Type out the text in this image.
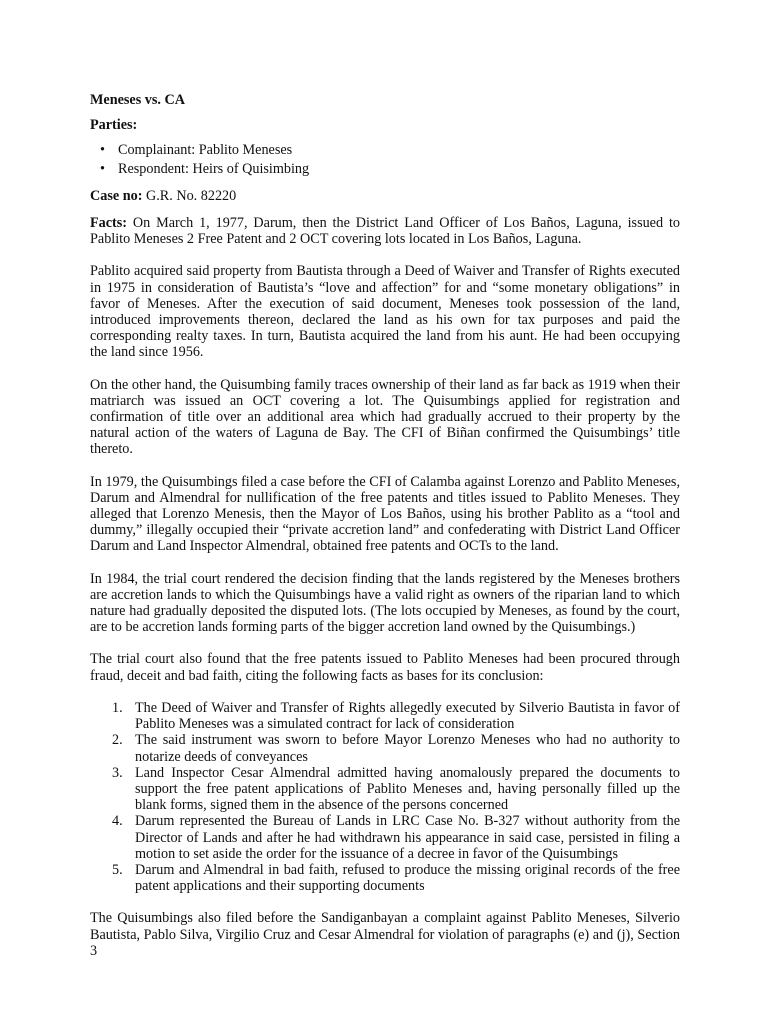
Meneses vs. CA
Parties:
• Complainant: Pablito Meneses
• Respondent: Heirs of Quisimbing
Case no: G.R. No. 82220

Facts: On March 1, 1977, Darum, then the District Land Officer of Los Baños, Laguna, issued to Pablito Meneses 2 Free Patent and 2 OCT covering lots located in Los Baños, Laguna.

Pablito acquired said property from Bautista through a Deed of Waiver and Transfer of Rights executed in 1975 in consideration of Bautista’s “love and affection” for and “some monetary obligations” in favor of Meneses. After the execution of said document, Meneses took possession of the land, introduced improvements thereon, declared the land as his own for tax purposes and paid the corresponding realty taxes. In turn, Bautista acquired the land from his aunt. He had been occupying the land since 1956.

On the other hand, the Quisumbing family traces ownership of their land as far back as 1919 when their matriarch was issued an OCT covering a lot. The Quisumbings applied for registration and confirmation of title over an additional area which had gradually accrued to their property by the natural action of the waters of Laguna de Bay. The CFI of Biñan confirmed the Quisumbings’ title thereto.

In 1979, the Quisumbings filed a case before the CFI of Calamba against Lorenzo and Pablito Meneses, Darum and Almendral for nullification of the free patents and titles issued to Pablito Meneses. They alleged that Lorenzo Menesis, then the Mayor of Los Baños, using his brother Pablito as a “tool and dummy,” illegally occupied their “private accretion land” and confederating with District Land Officer Darum and Land Inspector Almendral, obtained free patents and OCTs to the land.

In 1984, the trial court rendered the decision finding that the lands registered by the Meneses brothers are accretion lands to which the Quisumbings have a valid right as owners of the riparian land to which nature had gradually deposited the disputed lots. (The lots occupied by Meneses, as found by the court, are to be accretion lands forming parts of the bigger accretion land owned by the Quisumbings.)

The trial court also found that the free patents issued to Pablito Meneses had been procured through fraud, deceit and bad faith, citing the following facts as bases for its conclusion:

1. The Deed of Waiver and Transfer of Rights allegedly executed by Silverio Bautista in favor of Pablito Meneses was a simulated contract for lack of consideration
2. The said instrument was sworn to before Mayor Lorenzo Meneses who had no authority to notarize deeds of conveyances
3. Land Inspector Cesar Almendral admitted having anomalously prepared the documents to support the free patent applications of Pablito Meneses and, having personally filled up the blank forms, signed them in the absence of the persons concerned
4. Darum represented the Bureau of Lands in LRC Case No. B-327 without authority from the Director of Lands and after he had withdrawn his appearance in said case, persisted in filing a motion to set aside the order for the issuance of a decree in favor of the Quisumbings
5. Darum and Almendral in bad faith, refused to produce the missing original records of the free patent applications and their supporting documents

The Quisumbings also filed before the Sandiganbayan a complaint against Pablito Meneses, Silverio Bautista, Pablo Silva, Virgilio Cruz and Cesar Almendral for violation of paragraphs (e) and (j), Section 3
